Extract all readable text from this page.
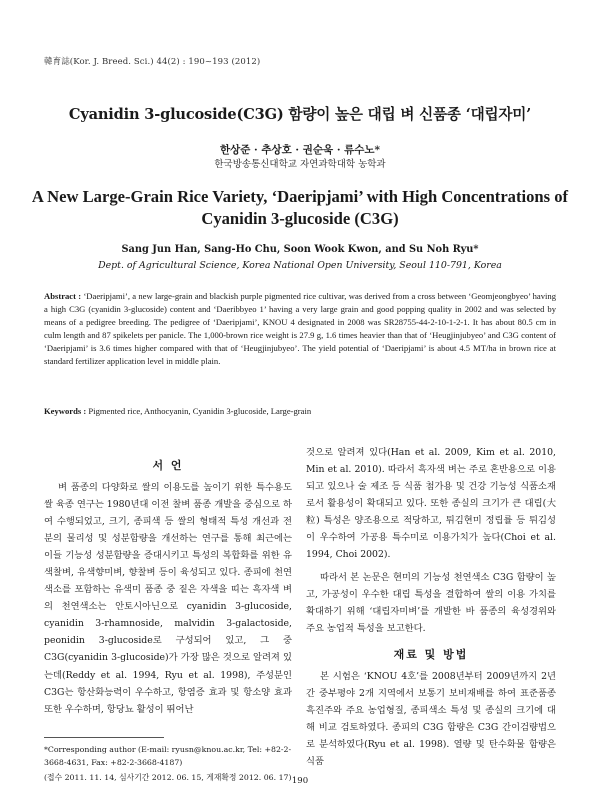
韓育誌(Kor. J. Breed. Sci.) 44(2) : 190~193 (2012)
Cyanidin 3-glucoside(C3G) 함량이 높은 대립 벼 신품종 ‘대립자미’
한상준 · 추상호 · 권순욱 · 류수노*
한국방송통신대학교 자연과학대학 농학과
A New Large-Grain Rice Variety, ‘Daeripjami’ with High Concentrations of Cyanidin 3-glucoside (C3G)
Sang Jun Han, Sang-Ho Chu, Soon Wook Kwon, and Su Noh Ryu*
Dept. of Agricultural Science, Korea National Open University, Seoul 110-791, Korea
Abstract : ‘Daeripjami’, a new large-grain and blackish purple pigmented rice cultivar, was derived from a cross between ‘Geomjeongbyeo’ having a high C3G (cyanidin 3-glucoside) content and ‘Daeribbyeo 1’ having a very large grain and good popping quality in 2002 and was selected by means of a pedigree breeding. The pedigree of ‘Daeripjami’, KNOU 4 designated in 2008 was SR28755-44-2-10-1-2-1. It has about 80.5 cm in culm length and 87 spikelets per panicle. The 1,000-brown rice weight is 27.9 g, 1.6 times heavier than that of ‘Heugjinjubyeo’ and C3G content of ‘Daeripjami’ is 3.6 times higher compared with that of ‘Heugjinjubyeo’. The yield potential of ‘Daeripjami’ is about 4.5 MT/ha in brown rice at standard fertilizer application level in middle plain.
Keywords : Pigmented rice, Anthocyanin, Cyanidin 3-glucoside, Large-grain
서 언

벼 품종의 다양화로 쌀의 이용도를 높이기 위한 특수용도 쌀 육종 연구는 1980년대 이전 찰벼 품종 개발을 중심으로 하여 수행되었고, 크기, 종피색 등 쌀의 형태적 특성 개선과 전분의 물리성 및 성분함량을 개선하는 연구를 통해 최근에는 이들 기능성 성분함량을 증대시키고 특성의 복합화를 위한 유색찰벼, 유색향미벼, 향찰벼 등이 육성되고 있다. 종피에 천연색소를 포함하는 유색미 품종 중 짙은 자색을 띠는 흑자색 벼의 천연색소는 안토시아닌으로 cyanidin 3-glucoside, cyanidin 3-rhamnoside, malvidin 3-galactoside, peonidin 3-glucoside로 구성되어 있고, 그 중 C3G(cyanidin 3-glucoside)가 가장 많은 것으로 알려져 있는데(Reddy et al. 1994, Ryu et al. 1998), 주성분인 C3G는 항산화능력이 우수하고, 항염증 효과 및 항소양 효과 또한 우수하며, 항당뇨 활성이 뛰어난

*Corresponding author (E-mail: ryusn@knou.ac.kr, Tel: +82-2-3668-4631, Fax: +82-2-3668-4187)
(접수 2011. 11. 14, 심사기간 2012. 06. 15, 게재확정 2012. 06. 17)

것으로 알려져 있다(Han et al. 2009, Kim et al. 2010, Min et al. 2010). 따라서 흑자색 벼는 주로 혼반용으로 이용되고 있으나 술 제조 등 식품 첨가용 및 건강 기능성 식품소재로서 활용성이 확대되고 있다. 또한 종실의 크기가 큰 대립(大粒) 특성은 양조용으로 적당하고, 튀김현미 정립률 등 튀김성이 우수하여 가공용 특수미로 이용가치가 높다(Choi et al. 1994, Choi 2002).

따라서 본 논문은 현미의 기능성 천연색소 C3G 함량이 높고, 가공성이 우수한 대립 특성을 결합하여 쌀의 이용 가치를 확대하기 위해 ‘대립자미벼’를 개발한 바 품종의 육성경위와 주요 농업적 특성을 보고한다.

재료 및 방법

본 시험은 ‘KNOU 4호’를 2008년부터 2009년까지 2년간 중부평야 2개 지역에서 보통기 보비재배를 하여 표준품종 흑진주와 주요 농업형질, 종피색소 특성 및 종실의 크기에 대해 비교 검토하였다. 종피의 C3G 함량은 C3G 간이검량법으로 분석하였다(Ryu et al. 1998). 열량 및 탄수화물 함량은 식품

190
